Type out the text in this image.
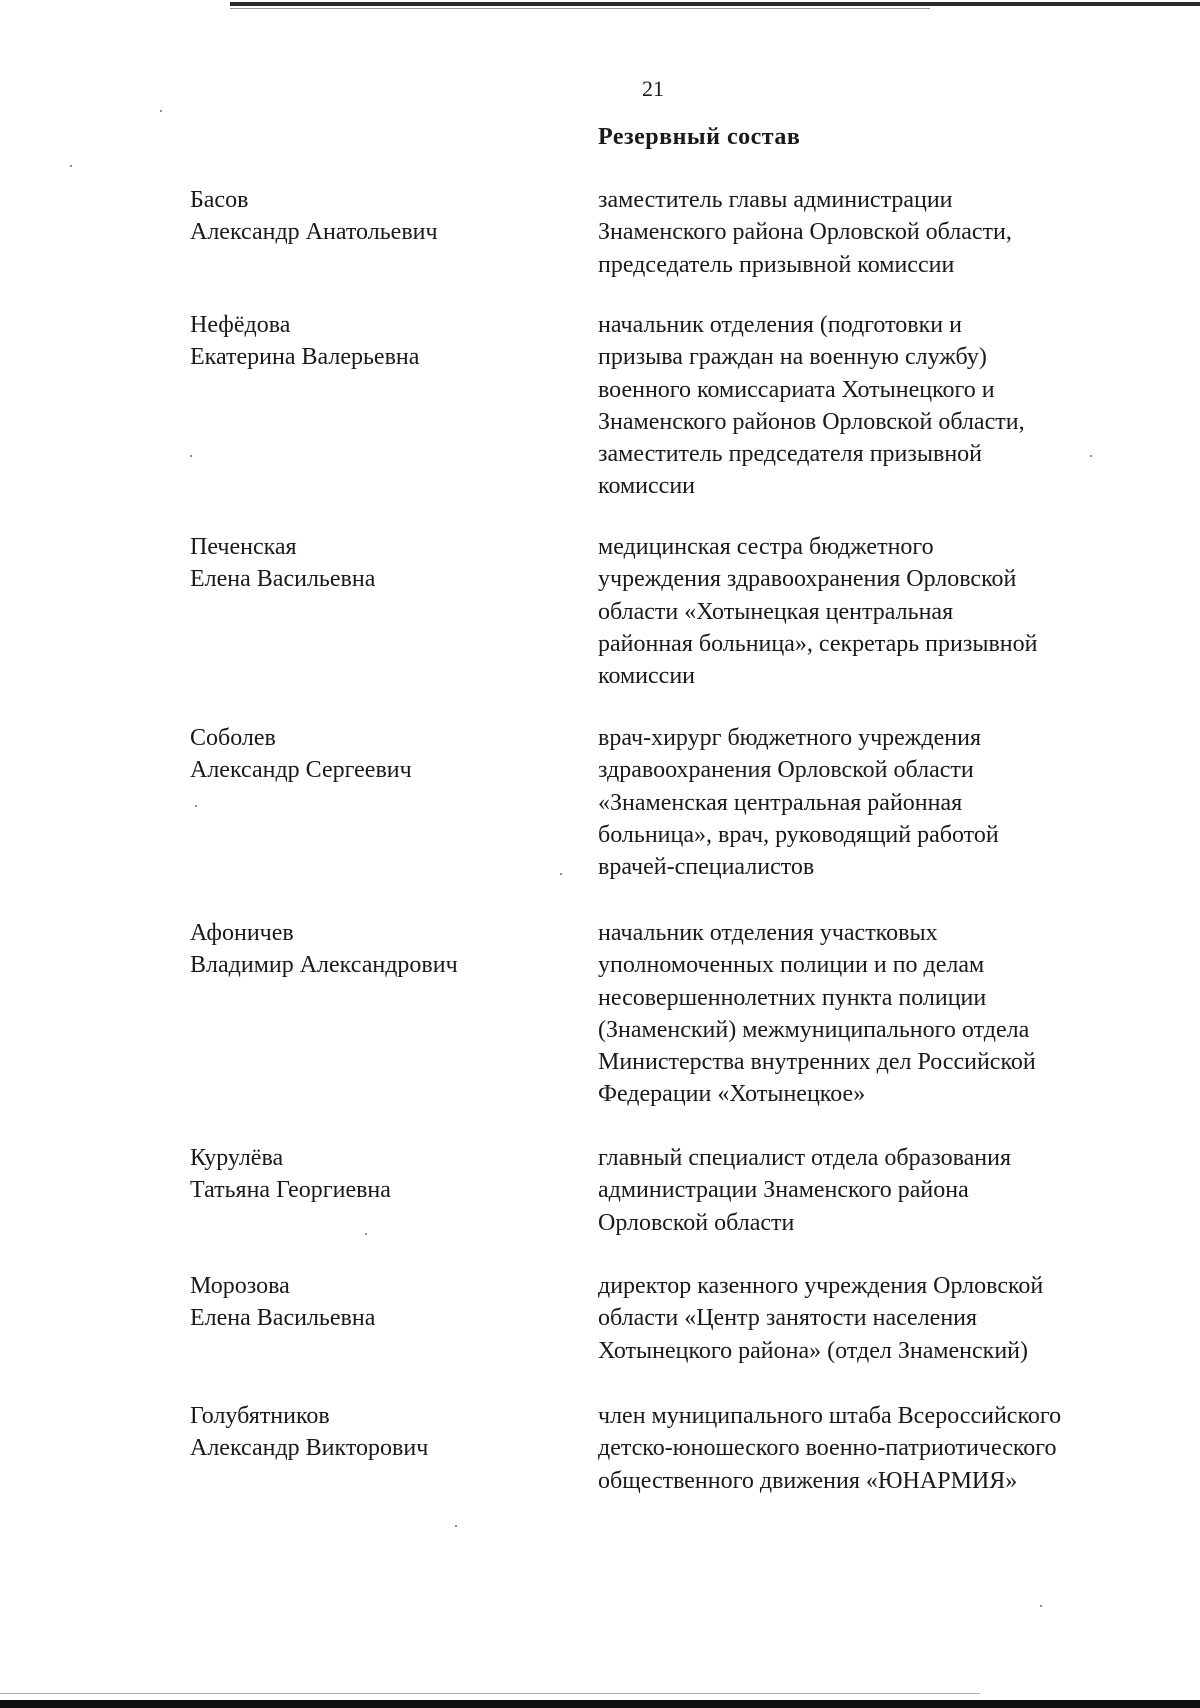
21
Резервный состав
Басов
Александр Анатольевич
заместитель главы администрации
Знаменского района Орловской области,
председатель призывной комиссии
Нефёдова
Екатерина Валерьевна
начальник отделения (подготовки и
призыва граждан на военную службу)
военного комиссариата Хотынецкого и
Знаменского районов Орловской области,
заместитель председателя призывной
комиссии
Печенская
Елена Васильевна
медицинская сестра бюджетного
учреждения здравоохранения Орловской
области «Хотынецкая центральная
районная больница», секретарь призывной
комиссии
Соболев
Александр Сергеевич
врач-хирург бюджетного учреждения
здравоохранения Орловской области
«Знаменская центральная районная
больница», врач, руководящий работой
врачей-специалистов
Афоничев
Владимир Александрович
начальник отделения участковых
уполномоченных полиции и по делам
несовершеннолетних пункта полиции
(Знаменский) межмуниципального отдела
Министерства внутренних дел Российской
Федерации «Хотынецкое»
Курулёва
Татьяна Георгиевна
главный специалист отдела образования
администрации Знаменского района
Орловской области
Морозова
Елена Васильевна
директор казенного учреждения Орловской
области «Центр занятости населения
Хотынецкого района» (отдел Знаменский)
Голубятников
Александр Викторович
член муниципального штаба Всероссийского
детско-юношеского военно-патриотического
общественного движения «ЮНАРМИЯ»
